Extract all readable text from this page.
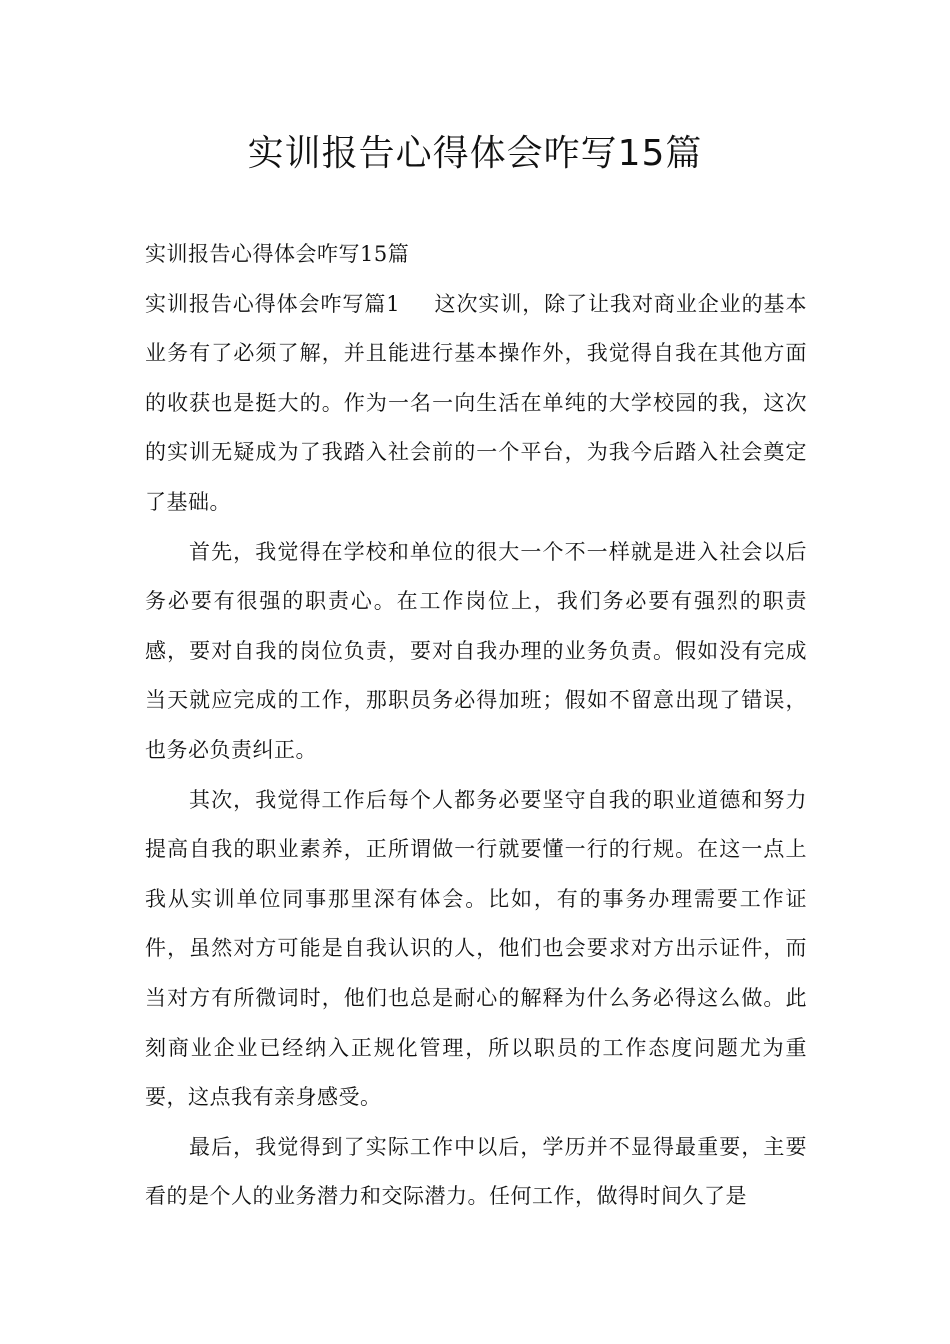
实训报告心得体会咋写15篇

实训报告心得体会咋写15篇

实训报告心得体会咋写篇1 这次实训，除了让我对商业企业的基本业务有了必须了解，并且能进行基本操作外，我觉得自我在其他方面的收获也是挺大的。作为一名一向生活在单纯的大学校园的我，这次的实训无疑成为了我踏入社会前的一个平台，为我今后踏入社会奠定了基础。

首先，我觉得在学校和单位的很大一个不一样就是进入社会以后务必要有很强的职责心。在工作岗位上，我们务必要有强烈的职责感，要对自我的岗位负责，要对自我办理的业务负责。假如没有完成当天就应完成的工作，那职员务必得加班；假如不留意出现了错误，也务必负责纠正。

其次，我觉得工作后每个人都务必要坚守自我的职业道德和努力提高自我的职业素养，正所谓做一行就要懂一行的行规。在这一点上我从实训单位同事那里深有体会。比如，有的事务办理需要工作证件，虽然对方可能是自我认识的人，他们也会要求对方出示证件，而当对方有所微词时，他们也总是耐心的解释为什么务必得这么做。此刻商业企业已经纳入正规化管理，所以职员的工作态度问题尤为重要，这点我有亲身感受。

最后，我觉得到了实际工作中以后，学历并不显得最重要，主要看的是个人的业务潜力和交际潜力。任何工作，做得时间久了是
